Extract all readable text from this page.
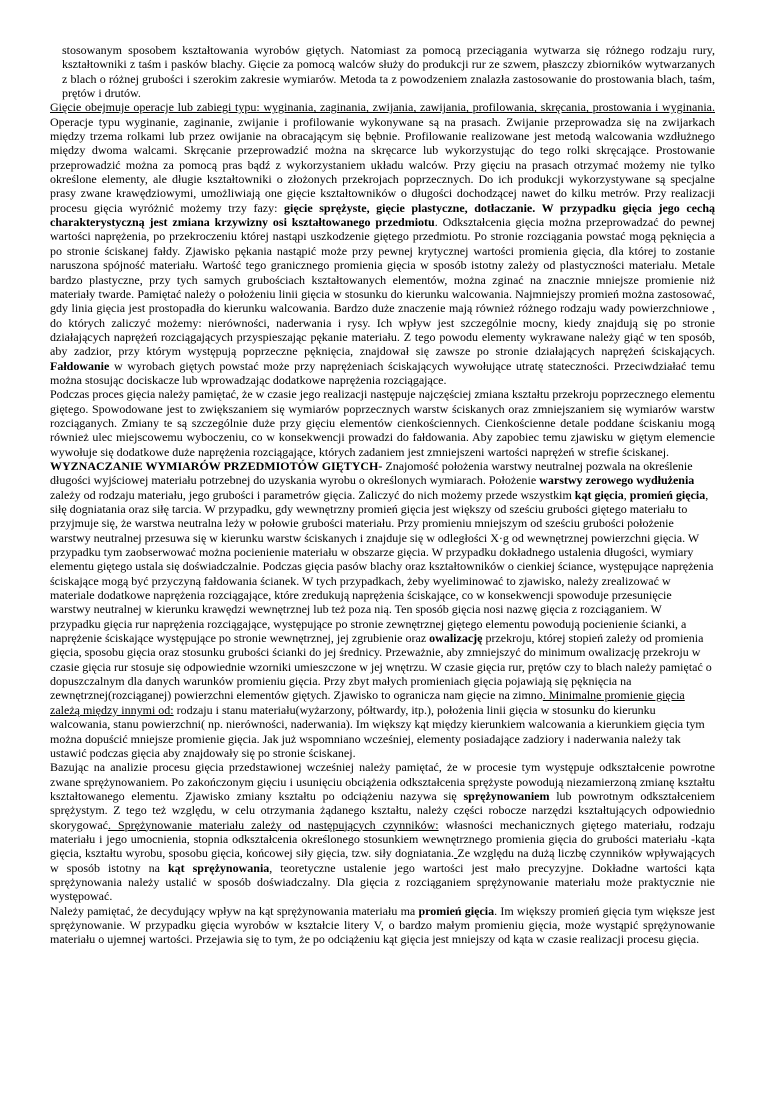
stosowanym sposobem kształtowania wyrobów giętych. Natomiast za pomocą przeciągania wytwarza się różnego rodzaju rury, kształtowniki z taśm i pasków blachy. Gięcie za pomocą walców służy do produkcji rur ze szwem, płaszczy zbiorników wytwarzanych z blach o różnej grubości i szerokim zakresie wymiarów. Metoda ta z powodzeniem znalazła zastosowanie do prostowania blach, taśm, prętów i drutów.

Gięcie obejmuje operacje lub zabiegi typu: wyginania, zaginania, zwijania, zawijania, profilowania, skręcania, prostowania i wyginania. Operacje typu wyginanie, zaginanie, zwijanie i profilowanie wykonywane są na prasach. Zwijanie przeprowadza się na zwijarkach między trzema rolkami lub przez owijanie na obracającym się bębnie. Profilowanie realizowane jest metodą walcowania wzdłużnego między dwoma walcami. Skręcanie przeprowadzić można na skręcarce lub wykorzystując do tego rolki skręcające. Prostowanie przeprowadzić można za pomocą pras bądź z wykorzystaniem układu walców. Przy gięciu na prasach otrzymać możemy nie tylko określone elementy, ale długie kształtowniki o złożonych przekrojach poprzecznych. Do ich produkcji wykorzystywane są specjalne prasy zwane krawędziowymi, umożliwiają one gięcie kształtowników o długości dochodzącej nawet do kilku metrów. Przy realizacji procesu gięcia wyróżnić możemy trzy fazy: gięcie sprężyste, gięcie plastyczne, dotłaczanie. W przypadku gięcia jego cechą charakterystyczną jest zmiana krzywizny osi kształtowanego przedmiotu. Odkształcenia gięcia można przeprowadzać do pewnej wartości naprężenia, po przekroczeniu której nastąpi uszkodzenie giętego przedmiotu. Po stronie rozciągania powstać mogą pęknięcia a po stronie ściskanej fałdy. Zjawisko pękania nastąpić może przy pewnej krytycznej wartości promienia gięcia, dla której to zostanie naruszona spójność materiału. Wartość tego granicznego promienia gięcia w sposób istotny zależy od plastyczności materiału. Metale bardzo plastyczne, przy tych samych grubościach kształtowanych elementów, można zginać na znacznie mniejsze promienie niż materiały twarde. Pamiętać należy o położeniu linii gięcia w stosunku do kierunku walcowania. Najmniejszy promień można zastosować, gdy linia gięcia jest prostopadła do kierunku walcowania. Bardzo duże znaczenie mają również różnego rodzaju wady powierzchniowe , do których zaliczyć możemy: nierówności, naderwania i rysy. Ich wpływ jest szczególnie mocny, kiedy znajdują się po stronie działających naprężeń rozciągających przyspieszając pękanie materiału. Z tego powodu elementy wykrawane należy giąć w ten sposób, aby zadzior, przy którym występują poprzeczne pęknięcia, znajdował się zawsze po stronie działających naprężeń ściskających. Fałdowanie w wyrobach giętych powstać może przy naprężeniach ściskających wywołujące utratę stateczności. Przeciwdziałać temu można stosując dociskacze lub wprowadzając dodatkowe naprężenia rozciągające.

Podczas proces gięcia należy pamiętać, że w czasie jego realizacji następuje najczęściej zmiana kształtu przekroju poprzecznego elementu giętego. Spowodowane jest to zwiększaniem się wymiarów poprzecznych warstw ściskanych oraz zmniejszaniem się wymiarów warstw rozciąganych. Zmiany te są szczególnie duże przy gięciu elementów cienkościennych. Cienkościenne detale poddane ściskaniu mogą również ulec miejscowemu wyboczeniu, co w konsekwencji prowadzi do fałdowania. Aby zapobiec temu zjawisku w giętym elemencie wywołuje się dodatkowe duże naprężenia rozciągające, których zadaniem jest zmniejszeni wartości naprężeń w strefie ściskanej.

WYZNACZANIE WYMIARÓW PRZEDMIOTÓW GIĘTYCH- Znajomość położenia warstwy neutralnej pozwala na określenie długości wyjściowej materiału potrzebnej do uzyskania wyrobu o określonych wymiarach. Położenie warstwy zerowego wydłużenia zależy od rodzaju materiału, jego grubości i parametrów gięcia. Zaliczyć do nich możemy przede wszystkim kąt gięcia, promień gięcia, siłę dogniatania oraz siłę tarcia. W przypadku, gdy wewnętrzny promień gięcia jest większy od sześciu grubości giętego materiału to przyjmuje się, że warstwa neutralna leży w połowie grubości materiału. Przy promieniu mniejszym od sześciu grubości położenie warstwy neutralnej przesuwa się w kierunku warstw ściskanych i znajduje się w odległości X·g od wewnętrznej powierzchni gięcia. W przypadku tym zaobserwować można pocienienie materiału w obszarze gięcia. W przypadku dokładnego ustalenia długości, wymiary elementu giętego ustala się doświadczalnie. Podczas gięcia pasów blachy oraz kształtowników o cienkiej ściance, występujące naprężenia ściskające mogą być przyczyną fałdowania ścianek. W tych przypadkach, żeby wyeliminować to zjawisko, należy zrealizować w materiale dodatkowe naprężenia rozciągające, które zredukują naprężenia ściskające, co w konsekwencji spowoduje przesunięcie warstwy neutralnej w kierunku krawędzi wewnętrznej lub też poza nią. Ten sposób gięcia nosi nazwę gięcia z rozciąganiem. W przypadku gięcia rur naprężenia rozciągające, występujące po stronie zewnętrznej giętego elementu powodują pocienienie ścianki, a naprężenie ściskające występujące po stronie wewnętrznej, jej zgrubienie oraz owalizację przekroju, której stopień zależy od promienia gięcia, sposobu gięcia oraz stosunku grubości ścianki do jej średnicy. Przeważnie, aby zmniejszyć do minimum owalizację przekroju w czasie gięcia rur stosuje się odpowiednie wzorniki umieszczone w jej wnętrzu. W czasie gięcia rur, prętów czy to blach należy pamiętać o dopuszczalnym dla danych warunków promieniu gięcia. Przy zbyt małych promieniach gięcia pojawiają się pęknięcia na zewnętrznej(rozciąganej) powierzchni elementów giętych. Zjawisko to ogranicza nam gięcie na zimno. Minimalne promienie gięcia zależą między innymi od: rodzaju i stanu materiału(wyżarzony, półtwardy, itp.), położenia linii gięcia w stosunku do kierunku walcowania, stanu powierzchni( np. nierówności, naderwania). Im większy kąt między kierunkiem walcowania a kierunkiem gięcia tym można dopuścić mniejsze promienie gięcia. Jak już wspomniano wcześniej, elementy posiadające zadziory i naderwania należy tak ustawić podczas gięcia aby znajdowały się po stronie ściskanej.

Bazując na analizie procesu gięcia przedstawionej wcześniej należy pamiętać, że w procesie tym występuje odkształcenie powrotne zwane sprężynowaniem. Po zakończonym gięciu i usunięciu obciążenia odkształcenia sprężyste powodują niezamierzoną zmianę kształtu kształtowanego elementu. Zjawisko zmiany kształtu po odciążeniu nazywa się sprężynowaniem lub powrotnym odkształceniem sprężystym. Z tego też względu, w celu otrzymania żądanego kształtu, należy części robocze narzędzi kształtujących odpowiednio skorygować. Sprężynowanie materiału zależy od następujących czynników: własności mechanicznych giętego materiału, rodzaju materiału i jego umocnienia, stopnia odkształcenia określonego stosunkiem wewnętrznego promienia gięcia do grubości materiału -kąta gięcia, kształtu wyrobu, sposobu gięcia, końcowej siły gięcia, tzw. siły dogniatania. Ze względu na dużą liczbę czynników wpływających w sposób istotny na kąt sprężynowania, teoretyczne ustalenie jego wartości jest mało precyzyjne. Dokładne wartości kąta sprężynowania należy ustalić w sposób doświadczalny. Dla gięcia z rozciąganiem sprężynowanie materiału może praktycznie nie występować.

Należy pamiętać, że decydujący wpływ na kąt sprężynowania materiału ma promień gięcia. Im większy promień gięcia tym większe jest sprężynowanie. W przypadku gięcia wyrobów w kształcie litery V, o bardzo małym promieniu gięcia, może wystąpić sprężynowanie materiału o ujemnej wartości. Przejawia się to tym, że po odciążeniu kąt gięcia jest mniejszy od kąta w czasie realizacji procesu gięcia.
